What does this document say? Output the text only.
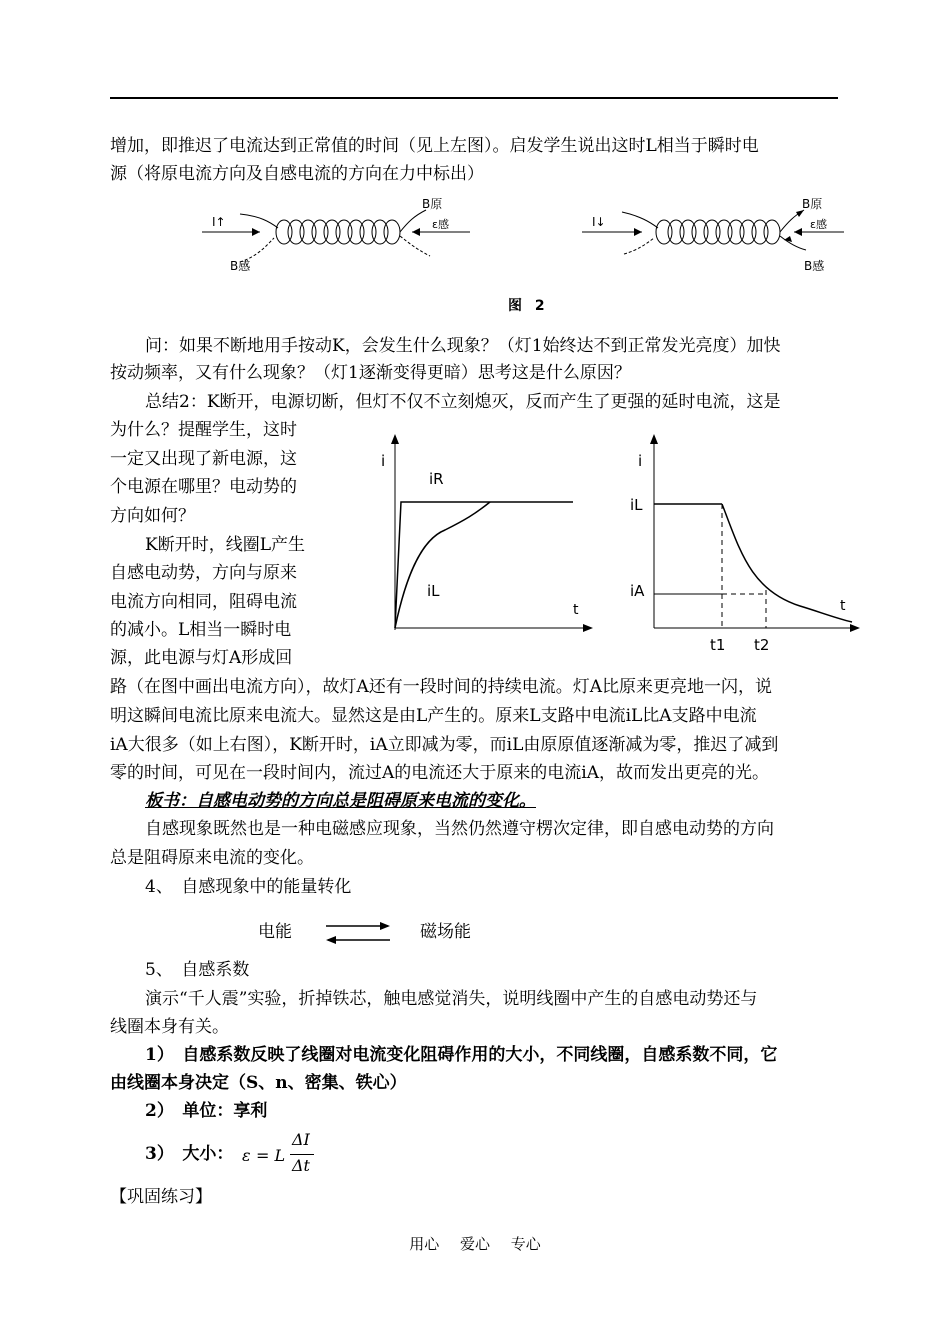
增加，即推迟了电流达到正常值的时间（见上左图）。启发学生说出这时L相当于瞬时电
源（将原电流方向及自感电流的方向在力中标出）
I↑
B原
ε感
B感
I↓
B原
ε感
B感
图 2
问：如果不断地用手按动K，会发生什么现象？（灯1始终达不到正常发光亮度）加快
按动频率，又有什么现象？（灯1逐渐变得更暗）思考这是什么原因？
总结2：K断开，电源切断，但灯不仅不立刻熄灭，反而产生了更强的延时电流，这是
为什么？提醒学生，这时
一定又出现了新电源，这
个电源在哪里？电动势的
方向如何？
K断开时，线圈L产生
自感电动势，方向与原来
电流方向相同，阻碍电流
的减小。L相当一瞬时电
源，此电源与灯A形成回
i
t
iR
iL
i
t
iL
iA
t1 t2
路（在图中画出电流方向），故灯A还有一段时间的持续电流。灯A比原来更亮地一闪，说
明这瞬间电流比原来电流大。显然这是由L产生的。原来L支路中电流iL比A支路中电流
iA大很多（如上右图），K断开时，iA立即减为零，而iL由原原值逐渐减为零，推迟了减到
零的时间，可见在一段时间内，流过A的电流还大于原来的电流iA，故而发出更亮的光。
板书：自感电动势的方向总是阻碍原来电流的变化。
自感现象既然也是一种电磁感应现象，当然仍然遵守楞次定律，即自感电动势的方向
总是阻碍原来电流的变化。
4、　自感现象中的能量转化
电能	磁场能
5、　自感系数
演示“千人震”实验，折掉铁芯，触电感觉消失，说明线圈中产生的自感电动势还与
线圈本身有关。
1）　自感系数反映了线圈对电流变化阻碍作用的大小，不同线圈，自感系数不同，它
由线圈本身决定（S、n、密集、铁心）
2）　单位：享利
3）　大小： ε = L
ΔI
Δt
【巩固练习】
用心 爱心 专心
